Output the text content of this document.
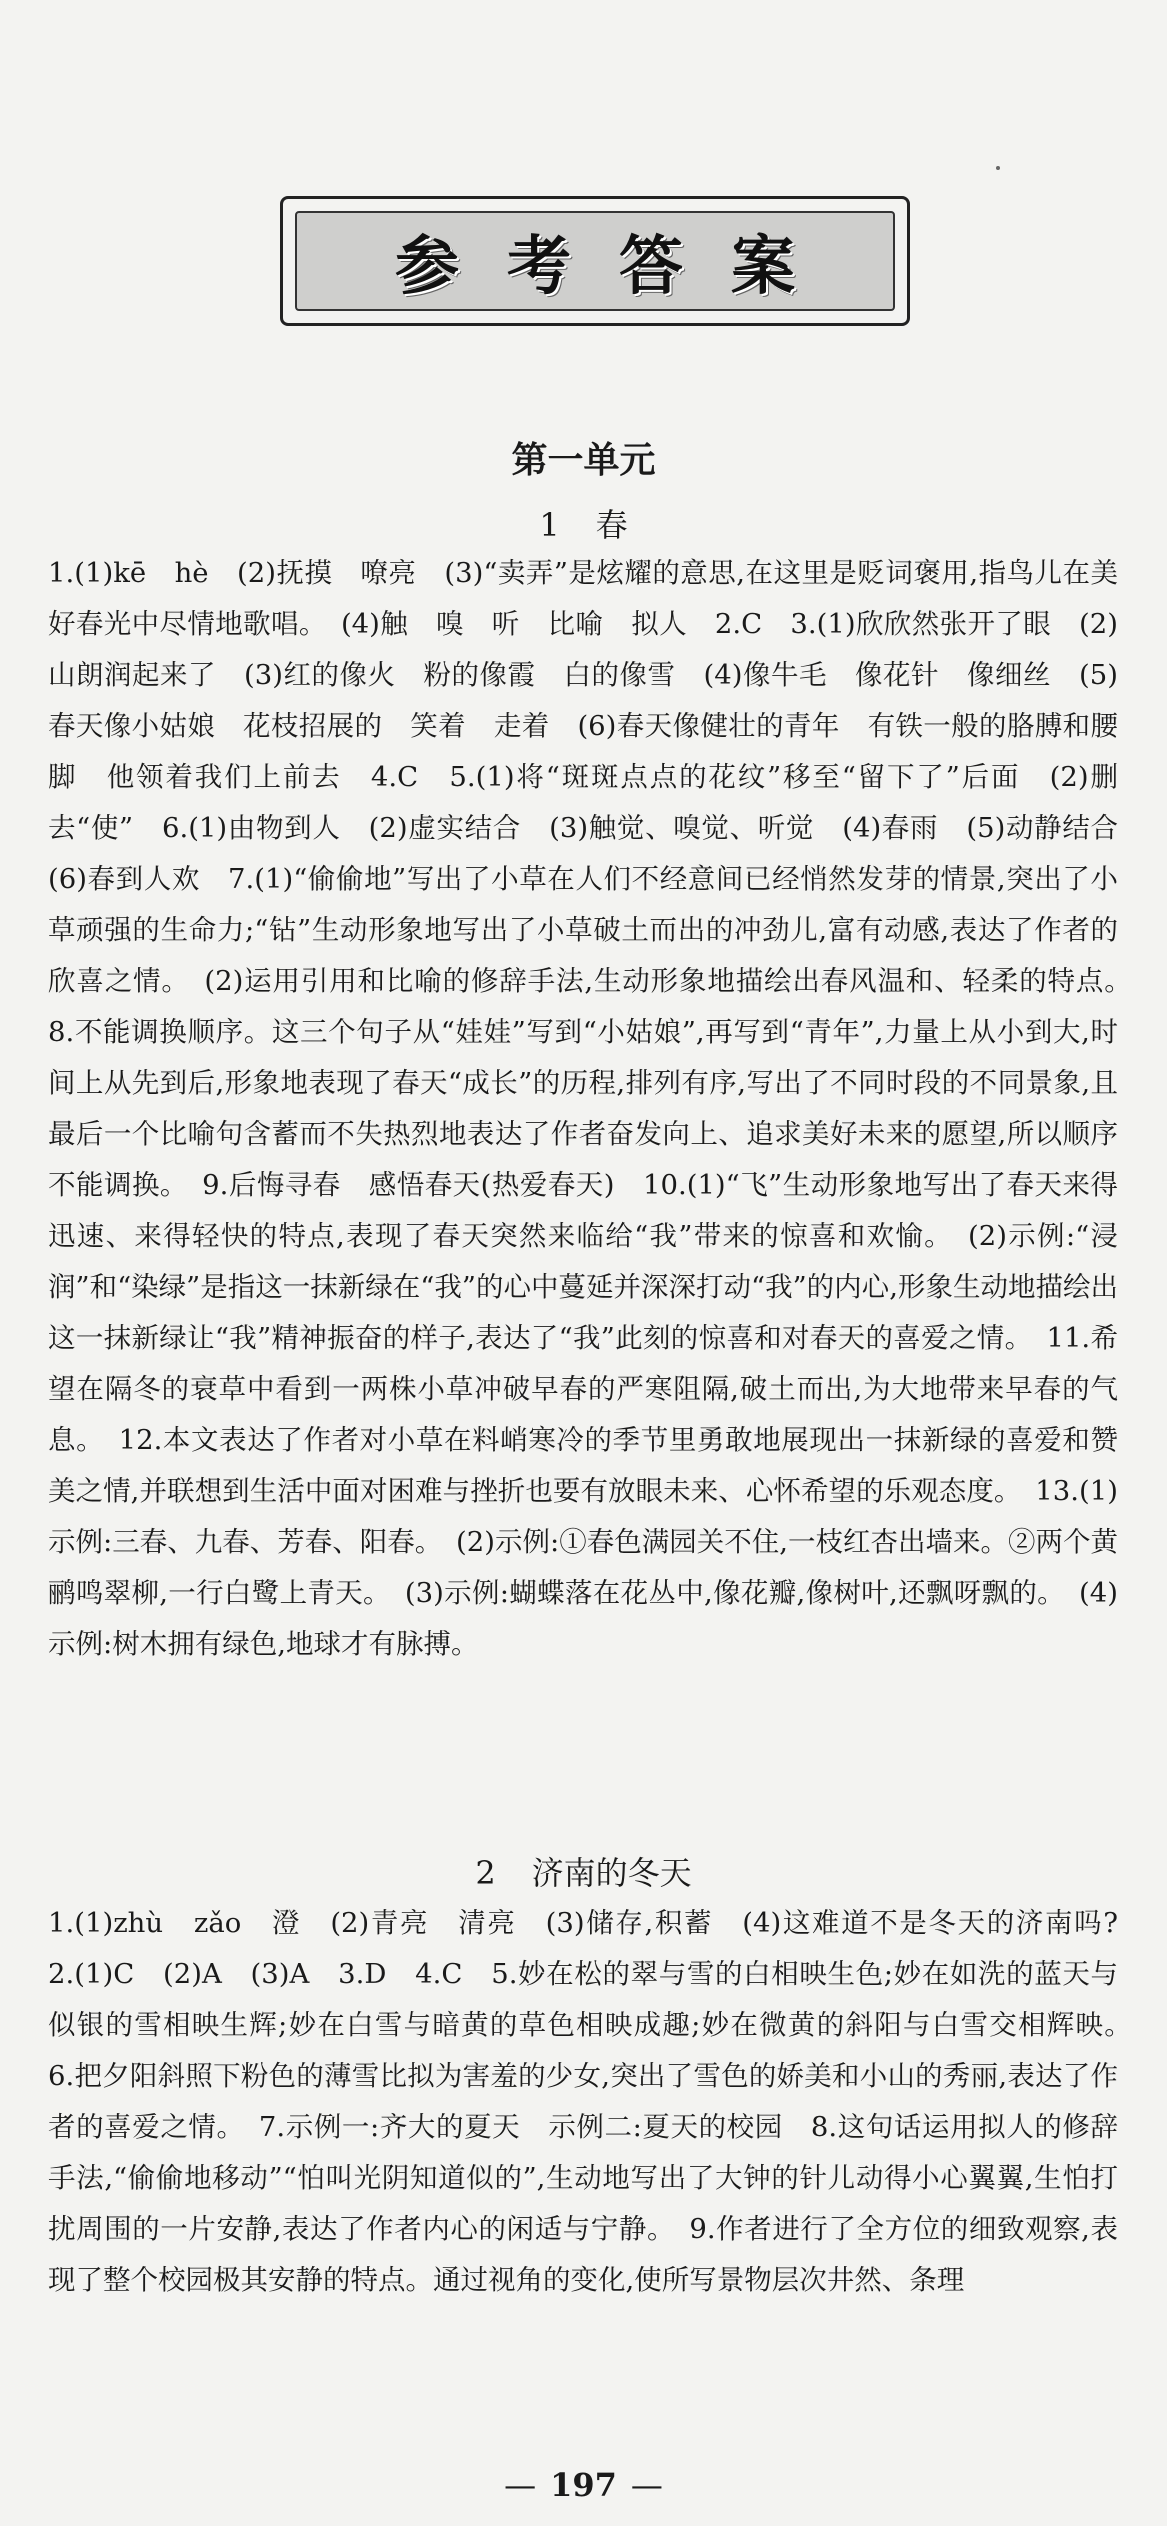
参考答案
第一单元
1 春

1.(1)kē　hè　(2)抚摸　嘹亮　(3)“卖弄”是炫耀的意思,在这里是贬词褒用,指鸟儿在美好春光中尽情地歌唱。　(4)触　嗅　听　比喻　拟人　2.C　3.(1)欣欣然张开了眼　(2)山朗润起来了　(3)红的像火　粉的像霞　白的像雪　(4)像牛毛　像花针　像细丝　(5)春天像小姑娘　花枝招展的　笑着　走着　(6)春天像健壮的青年　有铁一般的胳膊和腰脚　他领着我们上前去　4.C　5.(1)将“斑斑点点的花纹”移至“留下了”后面　(2)删去“使”　6.(1)由物到人　(2)虚实结合　(3)触觉、嗅觉、听觉　(4)春雨　(5)动静结合　(6)春到人欢　7.(1)“偷偷地”写出了小草在人们不经意间已经悄然发芽的情景,突出了小草顽强的生命力;“钻”生动形象地写出了小草破土而出的冲劲儿,富有动感,表达了作者的欣喜之情。　(2)运用引用和比喻的修辞手法,生动形象地描绘出春风温和、轻柔的特点。　8.不能调换顺序。这三个句子从“娃娃”写到“小姑娘”,再写到“青年”,力量上从小到大,时间上从先到后,形象地表现了春天“成长”的历程,排列有序,写出了不同时段的不同景象,且最后一个比喻句含蓄而不失热烈地表达了作者奋发向上、追求美好未来的愿望,所以顺序不能调换。　9.后悔寻春　感悟春天(热爱春天)　10.(1)“飞”生动形象地写出了春天来得迅速、来得轻快的特点,表现了春天突然来临给“我”带来的惊喜和欢愉。　(2)示例:“浸润”和“染绿”是指这一抹新绿在“我”的心中蔓延并深深打动“我”的内心,形象生动地描绘出这一抹新绿让“我”精神振奋的样子,表达了“我”此刻的惊喜和对春天的喜爱之情。　11.希望在隔冬的衰草中看到一两株小草冲破早春的严寒阻隔,破土而出,为大地带来早春的气息。　12.本文表达了作者对小草在料峭寒冷的季节里勇敢地展现出一抹新绿的喜爱和赞美之情,并联想到生活中面对困难与挫折也要有放眼未来、心怀希望的乐观态度。　13.(1)示例:三春、九春、芳春、阳春。　(2)示例:①春色满园关不住,一枝红杏出墙来。②两个黄鹂鸣翠柳,一行白鹭上青天。　(3)示例:蝴蝶落在花丛中,像花瓣,像树叶,还飘呀飘的。　(4)示例:树木拥有绿色,地球才有脉搏。

2 济南的冬天

1.(1)zhù　zǎo　澄　(2)青亮　清亮　(3)储存,积蓄　(4)这难道不是冬天的济南吗?　2.(1)C　(2)A　(3)A　3.D　4.C　5.妙在松的翠与雪的白相映生色;妙在如洗的蓝天与似银的雪相映生辉;妙在白雪与暗黄的草色相映成趣;妙在微黄的斜阳与白雪交相辉映。　6.把夕阳斜照下粉色的薄雪比拟为害羞的少女,突出了雪色的娇美和小山的秀丽,表达了作者的喜爱之情。　7.示例一:齐大的夏天　示例二:夏天的校园　8.这句话运用拟人的修辞手法,“偷偷地移动”“怕叫光阴知道似的”,生动地写出了大钟的针儿动得小心翼翼,生怕打扰周围的一片安静,表达了作者内心的闲适与宁静。　9.作者进行了全方位的细致观察,表现了整个校园极其安静的特点。通过视角的变化,使所写景物层次井然、条理

— 197 —
